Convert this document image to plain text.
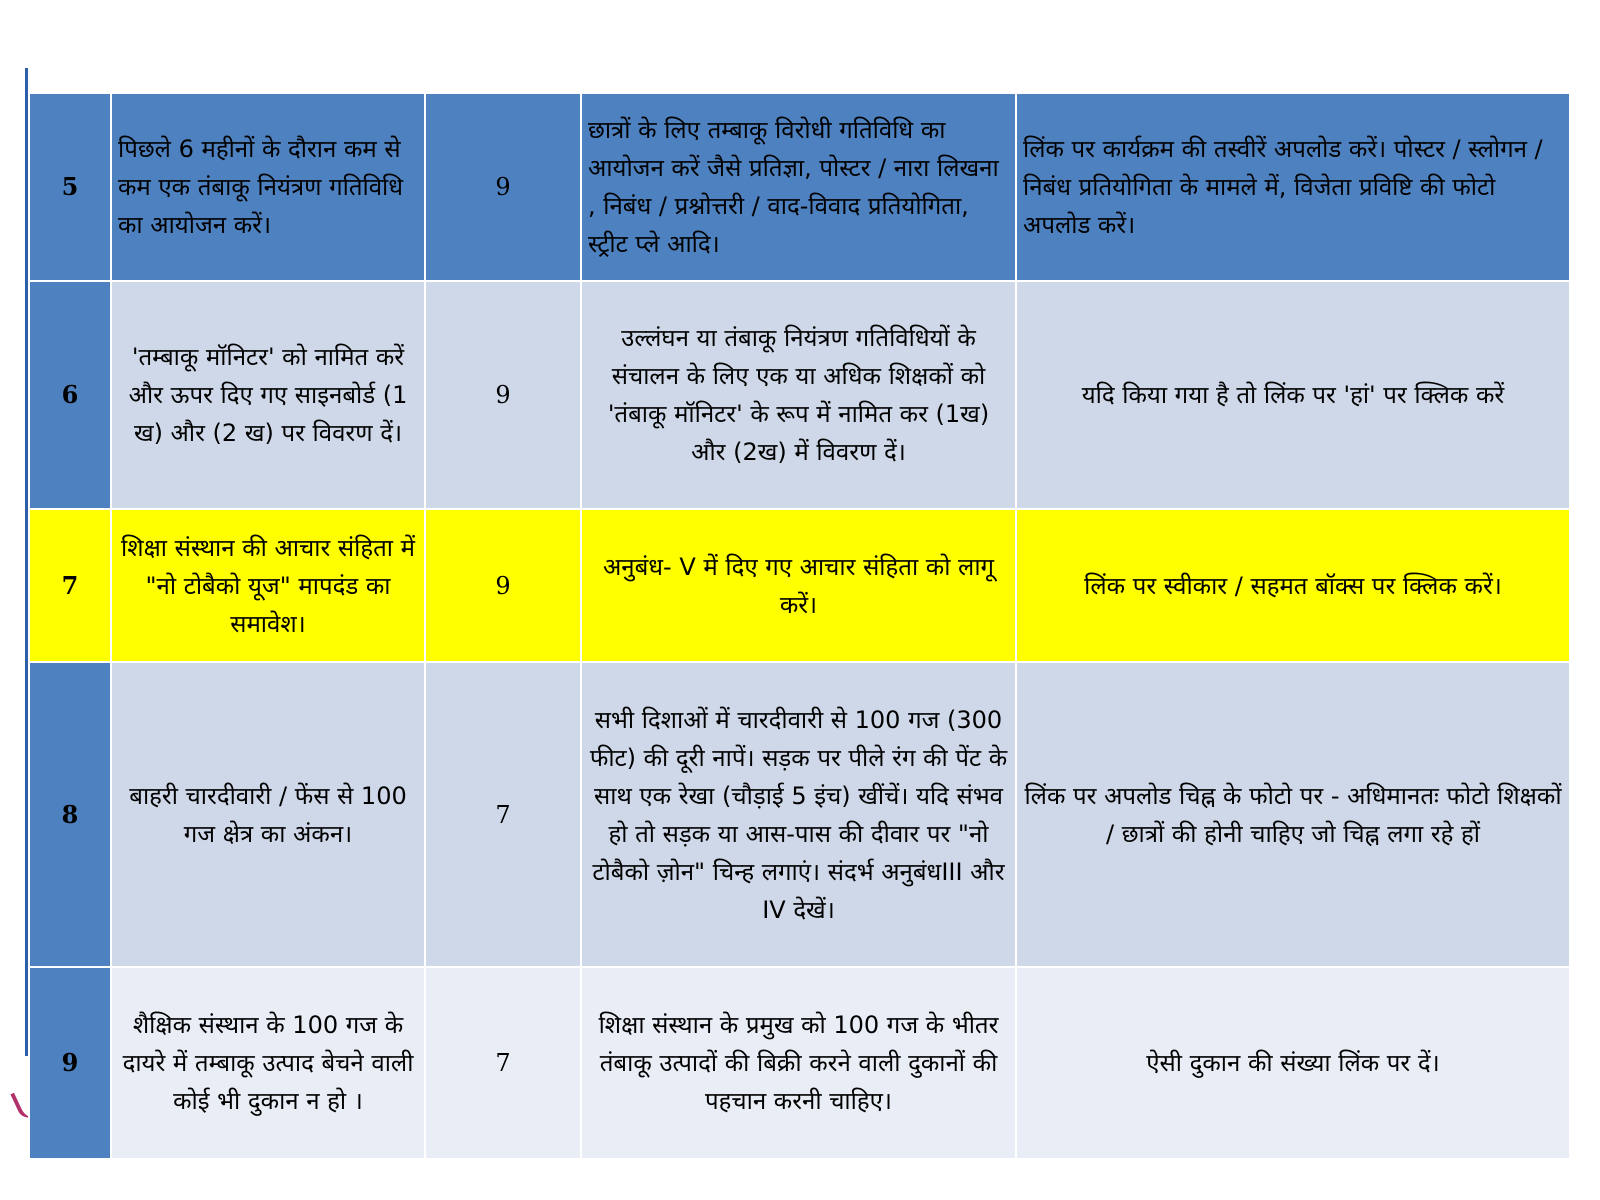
5	पिछले 6 महीनों के दौरान कम से कम एक तंबाकू नियंत्रण गतिविधि का आयोजन करें।	9	छात्रों के लिए तम्बाकू विरोधी गतिविधि का आयोजन करें जैसे प्रतिज्ञा, पोस्टर / नारा लिखना , निबंध / प्रश्नोत्तरी / वाद-विवाद प्रतियोगिता, स्ट्रीट प्ले आदि।	लिंक पर कार्यक्रम की तस्वीरें अपलोड करें। पोस्टर / स्लोगन / निबंध प्रतियोगिता के मामले में, विजेता प्रविष्टि की फोटो अपलोड करें।
6	'तम्बाकू मॉनिटर' को नामित करें और ऊपर दिए गए साइनबोर्ड (1 ख) और (2 ख) पर विवरण दें।	9	उल्लंघन या तंबाकू नियंत्रण गतिविधियों के संचालन के लिए एक या अधिक शिक्षकों को 'तंबाकू मॉनिटर' के रूप में नामित कर (1ख) और (2ख) में विवरण दें।	यदि किया गया है तो लिंक पर 'हां' पर क्लिक करें
7	शिक्षा संस्थान की आचार संहिता में "नो टोबैको यूज" मापदंड का समावेश।	9	अनुबंध- V में दिए गए आचार संहिता को लागू करें।	लिंक पर स्वीकार / सहमत बॉक्स पर क्लिक करें।
8	बाहरी चारदीवारी / फेंस से 100 गज क्षेत्र का अंकन।	7	सभी दिशाओं में चारदीवारी से 100 गज (300 फीट) की दूरी नापें। सड़क पर पीले रंग की पेंट के साथ एक रेखा (चौड़ाई 5 इंच) खींचें। यदि संभव हो तो सड़क या आस-पास की दीवार पर "नो टोबैको ज़ोन" चिन्ह लगाएं। संदर्भ अनुबंधIII और IV देखें।	लिंक पर अपलोड चिह्न के फोटो पर - अधिमानतः फोटो शिक्षकों / छात्रों की होनी चाहिए जो चिह्न लगा रहे हों
9	शैक्षिक संस्थान के 100 गज के दायरे में तम्बाकू उत्पाद बेचने वाली कोई भी दुकान न हो ।	7	शिक्षा संस्थान के प्रमुख को 100 गज के भीतर तंबाकू उत्पादों की बिक्री करने वाली दुकानों की पहचान करनी चाहिए।	ऐसी दुकान की संख्या लिंक पर दें।
